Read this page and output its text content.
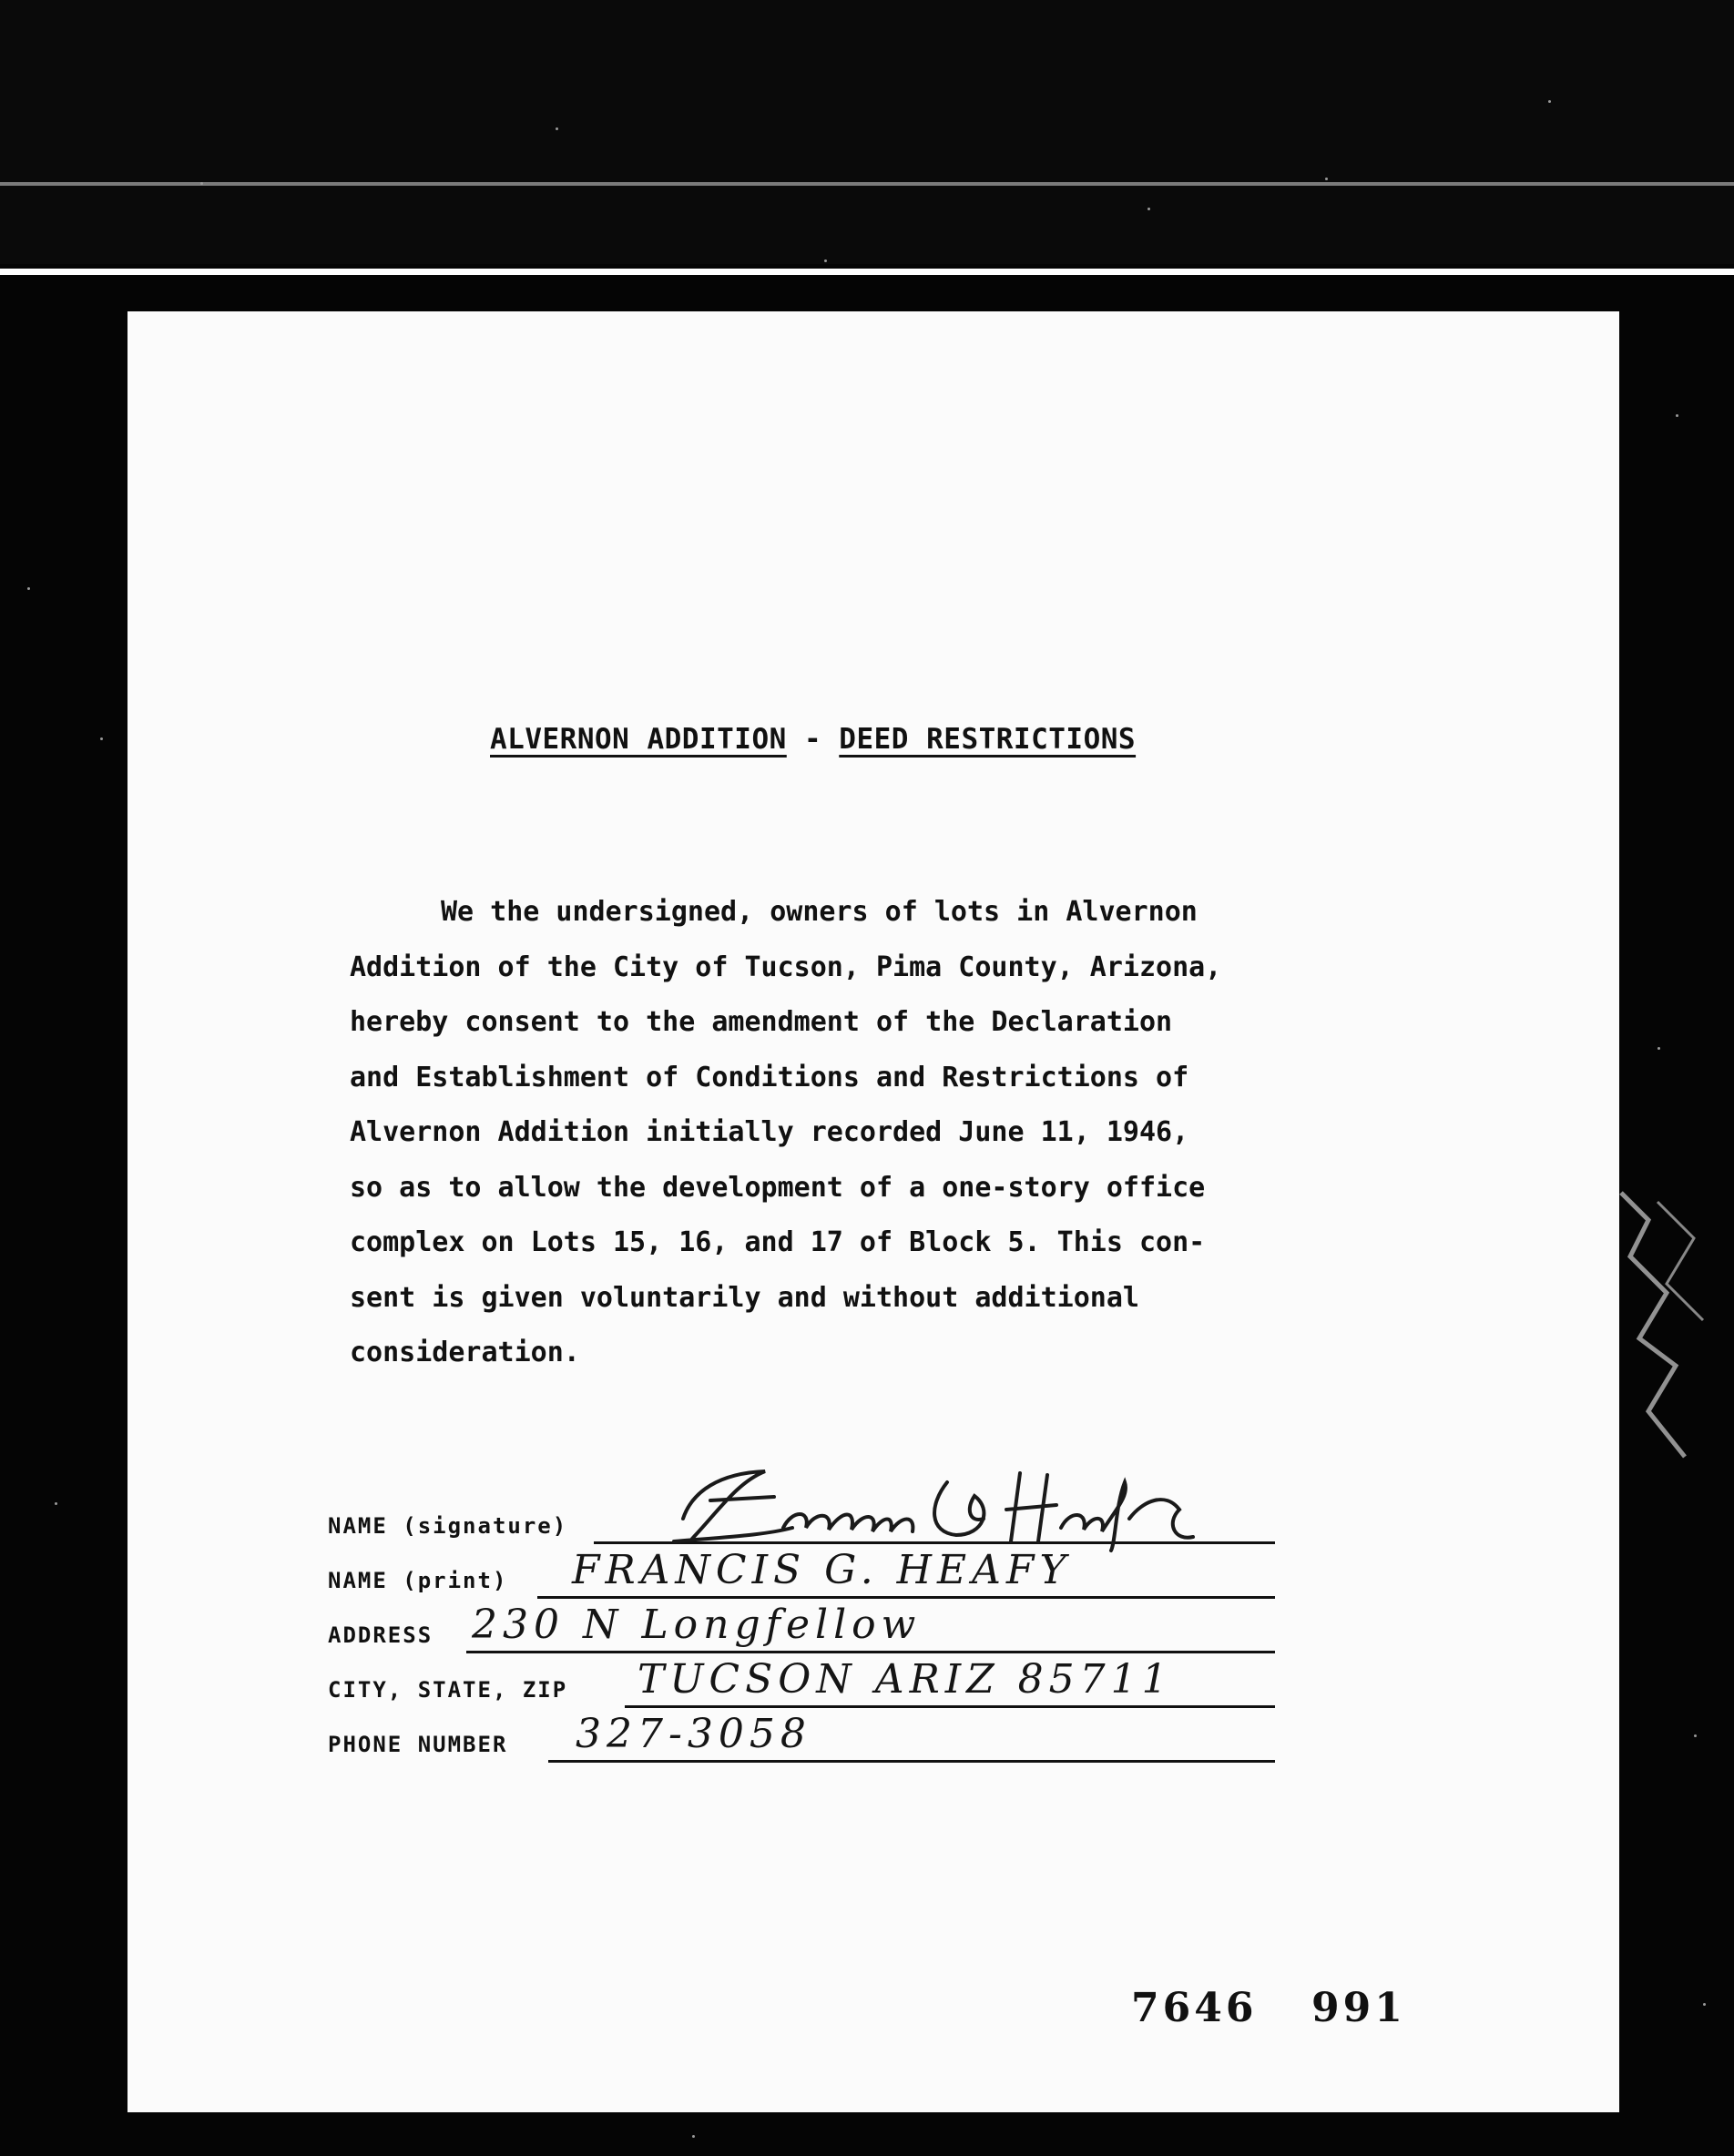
ALVERNON ADDITION - DEED RESTRICTIONS
We the undersigned, owners of lots in Alvernon
Addition of the City of Tucson, Pima County, Arizona,
hereby consent to the amendment of the Declaration
and Establishment of Conditions and Restrictions of
Alvernon Addition initially recorded June 11, 1946,
so as to allow the development of a one-story office
complex on Lots 15, 16, and 17 of Block 5. This con-
sent is given voluntarily and without additional
consideration.
NAME (signature)
NAME (print) FRANCIS G. HEAFY
ADDRESS 230 N Longfellow
CITY, STATE, ZIP TUCSON ARIZ 85711
PHONE NUMBER 327-3058
7646 991
